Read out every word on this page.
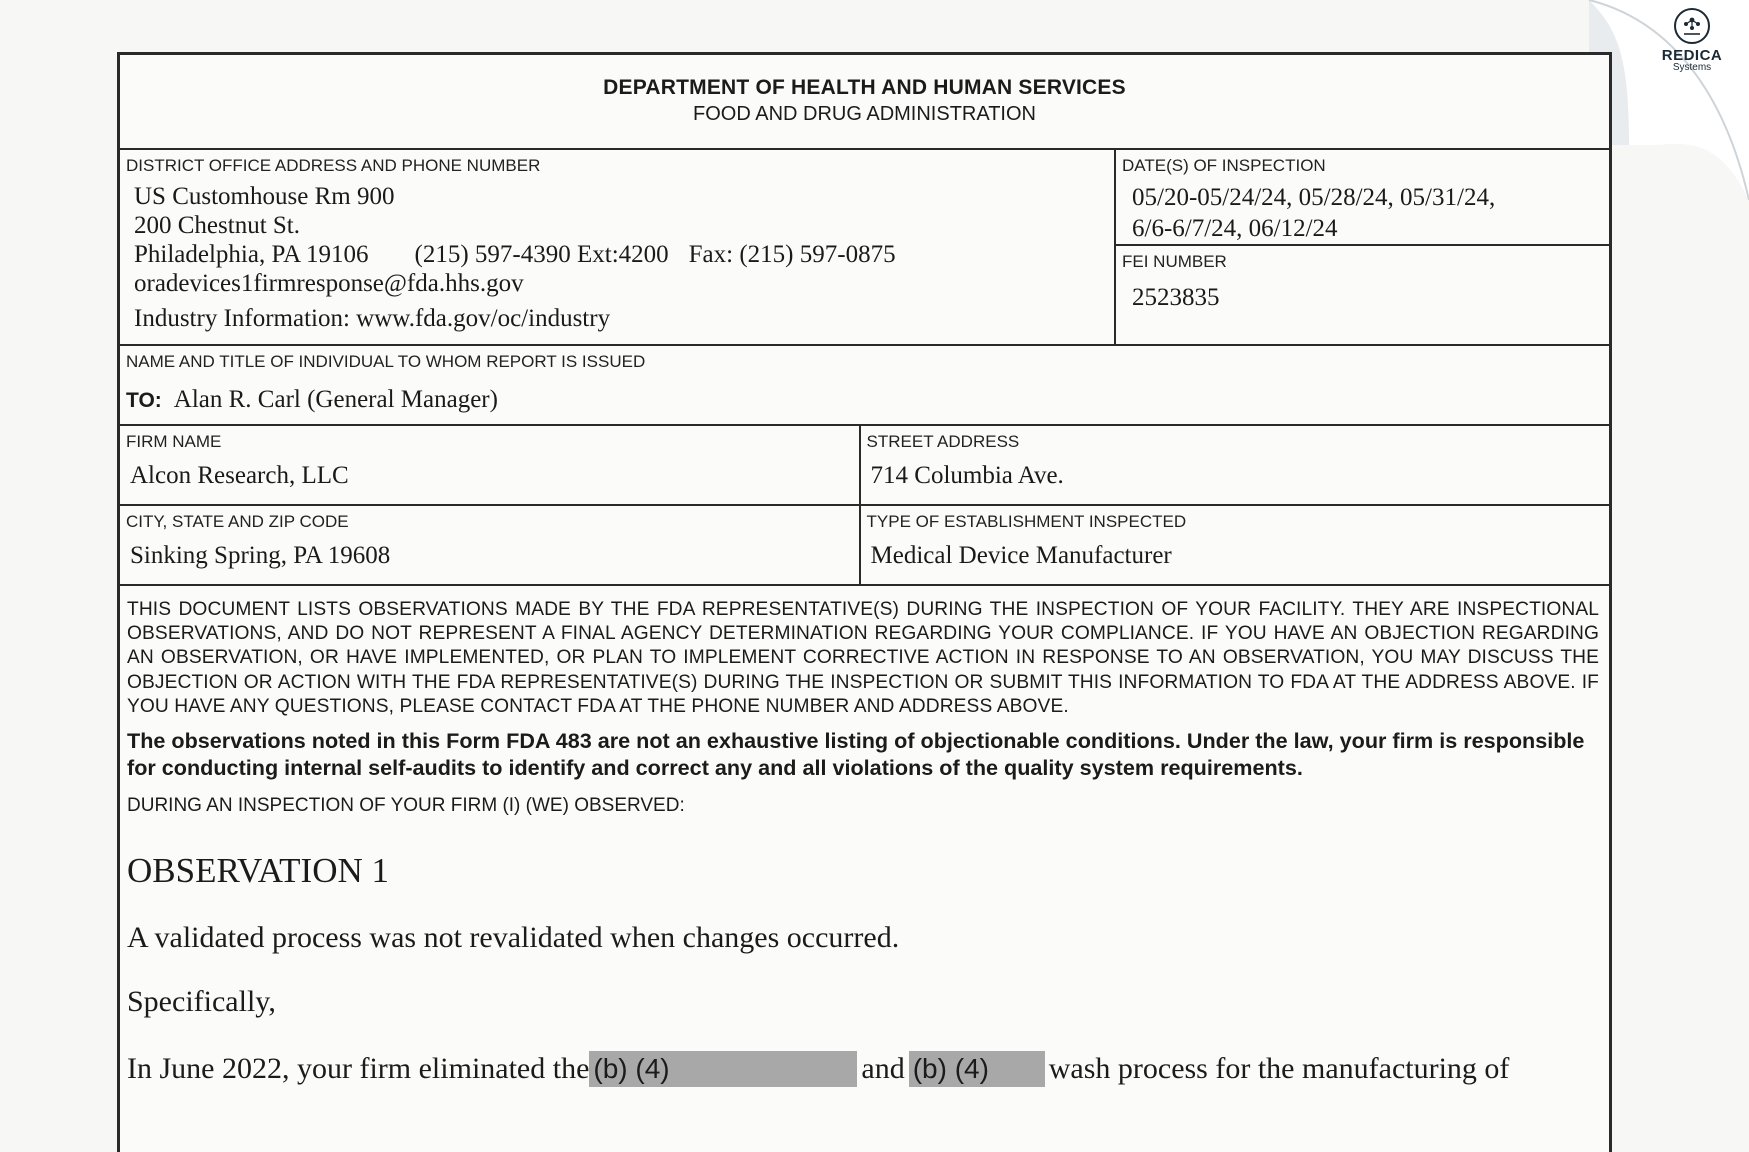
REDICA
Systems
DEPARTMENT OF HEALTH AND HUMAN SERVICES
FOOD AND DRUG ADMINISTRATION
DISTRICT OFFICE ADDRESS AND PHONE NUMBER
US Customhouse Rm 900
200 Chestnut St.
Philadelphia, PA 19106	(215) 597-4390 Ext:4200 Fax: (215) 597-0875
oradevices1firmresponse@fda.hhs.gov
Industry Information: www.fda.gov/oc/industry
DATE(S) OF INSPECTION
05/20-05/24/24, 05/28/24, 05/31/24,
6/6-6/7/24, 06/12/24
FEI NUMBER
2523835
NAME AND TITLE OF INDIVIDUAL TO WHOM REPORT IS ISSUED
TO: Alan R. Carl (General Manager)
FIRM NAME
Alcon Research, LLC
STREET ADDRESS
714 Columbia Ave.
CITY, STATE AND ZIP CODE
Sinking Spring, PA 19608
TYPE OF ESTABLISHMENT INSPECTED
Medical Device Manufacturer
THIS DOCUMENT LISTS OBSERVATIONS MADE BY THE FDA REPRESENTATIVE(S) DURING THE INSPECTION OF YOUR FACILITY. THEY ARE INSPECTIONAL OBSERVATIONS, AND DO NOT REPRESENT A FINAL AGENCY DETERMINATION REGARDING YOUR COMPLIANCE. IF YOU HAVE AN OBJECTION REGARDING AN OBSERVATION, OR HAVE IMPLEMENTED, OR PLAN TO IMPLEMENT CORRECTIVE ACTION IN RESPONSE TO AN OBSERVATION, YOU MAY DISCUSS THE OBJECTION OR ACTION WITH THE FDA REPRESENTATIVE(S) DURING THE INSPECTION OR SUBMIT THIS INFORMATION TO FDA AT THE ADDRESS ABOVE. IF YOU HAVE ANY QUESTIONS, PLEASE CONTACT FDA AT THE PHONE NUMBER AND ADDRESS ABOVE.
The observations noted in this Form FDA 483 are not an exhaustive listing of objectionable conditions. Under the law, your firm is responsible for conducting internal self-audits to identify and correct any and all violations of the quality system requirements.
DURING AN INSPECTION OF YOUR FIRM (I) (WE) OBSERVED:
OBSERVATION 1
A validated process was not revalidated when changes occurred.
Specifically,
In June 2022, your firm eliminated the (b) (4)	and (b) (4)	wash process for the manufacturing of
